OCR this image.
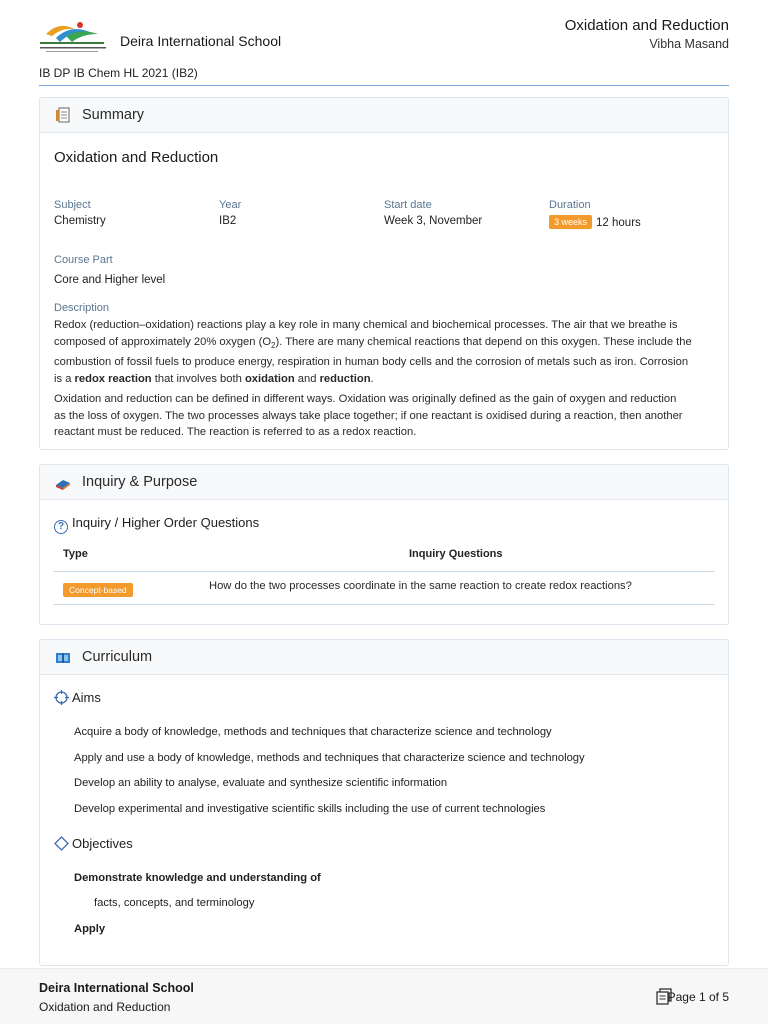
Deira International School
Oxidation and Reduction
Vibha Masand
IB DP IB Chem HL 2021 (IB2)
Summary
Oxidation and Reduction
Subject
Chemistry
Year
IB2
Start date
Week 3, November
Duration
3 weeks 12 hours
Course Part
Core and Higher level
Description
Redox (reduction–oxidation) reactions play a key role in many chemical and biochemical processes. The air that we breathe is
composed of approximately 20% oxygen $(O_2)$. There are many chemical reactions that depend on this oxygen. These include the
combustion of fossil fuels to produce energy, respiration in human body cells and the corrosion of metals such as iron. Corrosion
is a redox reaction that involves both oxidation and reduction.
Oxidation and reduction can be defined in different ways. Oxidation was originally defined as the gain of oxygen and reduction
as the loss of oxygen. The two processes always take place together; if one reactant is oxidised during a reaction, then another
reactant must be reduced. The reaction is referred to as a redox reaction.
Inquiry & Purpose
? Inquiry / Higher Order Questions
Type	Inquiry Questions
Concept-based	How do the two processes coordinate in the same reaction to create redox reactions?
Curriculum
Aims
Acquire a body of knowledge, methods and techniques that characterize science and technology
Apply and use a body of knowledge, methods and techniques that characterize science and technology
Develop an ability to analyse, evaluate and synthesize scientific information
Develop experimental and investigative scientific skills including the use of current technologies
Objectives
Demonstrate knowledge and understanding of
facts, concepts, and terminology
Apply
Deira International School
Oxidation and Reduction
Page 1 of 5
